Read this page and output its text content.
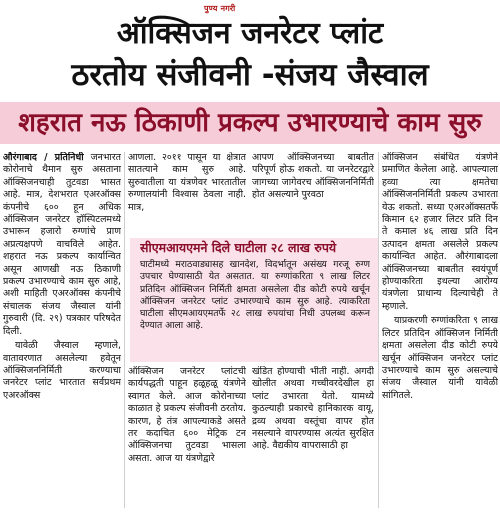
पुण्य नगरी
ऑक्सिजन जनरेटर प्लांट
ठरतोय संजीवनी -संजय जैस्वाल
शहरात नऊ ठिकाणी प्रकल्प उभारण्याचे काम सुरु

औरंगाबाद / प्रतिनिधी जनभारत कोरोनाचे थैमान सुरु असताना ऑक्सिजनचाही तुटवडा भासत आहे. मात्र, देशभरात एअरऑक्स कंपनीचे ६०० हून अधिक ऑक्सिजन जनरेटर हॉस्पिटलमध्ये उभारून हजारो रुग्णांचे प्राण अप्रत्यक्षपणे वाचविले आहेत. शहरात नऊ प्रकल्प कार्यान्वित असून आणखी नऊ ठिकाणी प्रकल्प उभारण्याचे काम सुरु आहे, अशी माहिती एअरऑक्स कंपनीचे संचालक संजय जैस्वाल यांनी गुरुवारी (दि. २९) पत्रकार परिषदेत दिली.

यावेळी जैस्वाल म्हणाले, वातावरणात असलेल्या हवेतून ऑक्सिजननिर्मिती करण्याचा जनरेटर प्लांट भारतात सर्वप्रथम एअरऑक्स

आणला. २०११ पासून या क्षेत्रात सातत्याने काम सुरु आहे. सुरुवातीला या यंत्रणेवर भारतातील रुग्णालयांनी विश्वास ठेवला नाही. मात्र,

आपण ऑक्सिजनच्या बाबतीत परिपूर्ण होऊ शकतो. या जनरेटरद्वारे जागच्या जागेवरच ऑक्सिजननिर्मिती होत असल्याने पुरवठा

सीएमआयएमने दिले घाटीला २८ लाख रुपये
घाटीमध्ये मराठवाड्यासह खानदेश, विदर्भातून असंख्य गरजू रुग्ण उपचार घेण्यासाठी येत असतात. या रुग्णांकरिता ९ लाख लिटर प्रतिदिन ऑक्सिजन निर्मिती क्षमता असलेला दीड कोटी रुपये खर्चून ऑक्सिजन जनरेटर प्लांट उभारण्याचे काम सुरु आहे. त्याकरिता घाटीला सीएमआयएमतर्फे २८ लाख रुपयांचा निधी उपलब्ध करून देण्यात आला आहे.

ऑक्सिजन जनरेटर प्लांटची कार्यपद्धती पाहून हळूहळू यंत्रणेने स्वागत केले. आज कोरोनाच्या काळात हे प्रकल्प संजीवनी ठरतोय. कारण, हे तंत्र आपल्याकडे असते तर कदाचित ६०० मेट्रिक टन ऑक्सिजनचा तुटवडा भासला असता. आज या यंत्रणेद्वारे

खंडित होण्याची भीती नाही. अगदी खोलीत अथवा गच्चीवरदेखील हा प्लांट उभारता येतो. यामध्ये कुठल्याही प्रकारचे हानिकारक वायू, द्रव्य अथवा वस्तूंचा वापर होत नसल्याने वापरण्यास अत्यंत सुरक्षित आहे. वैद्यकीय वापरासाठी हा

ऑक्सिजन संबंधित यंत्रणेने प्रमाणित केलेला आहे. आपल्याला हव्या त्या क्षमतेचा ऑक्सिजननिर्मिती प्रकल्प उभारता येऊ शकतो. सध्या एअरऑक्सतर्फे किमान ६२ हजार लिटर प्रति दिन ते कमाल ४६ लाख प्रति दिन उत्पादन क्षमता असलेले प्रकल्प कार्यान्वित आहेत. औरंगाबादला ऑक्सिजनच्या बाबतीत स्वयंपूर्ण होण्याकरिता इथल्या आरोग्य यंत्रणेला प्राधान्य दिल्याचेही ते म्हणाले.

याप्रकरणी रुग्णांकरिता ९ लाख लिटर प्रतिदिन ऑक्सिजन निर्मिती क्षमता असलेला दीड कोटी रुपये खर्चून ऑक्सिजन जनरेटर प्लांट उभारण्याचे काम सुरु असल्याचे संजय जैस्वाल यांनी यावेळी सांगितले.
